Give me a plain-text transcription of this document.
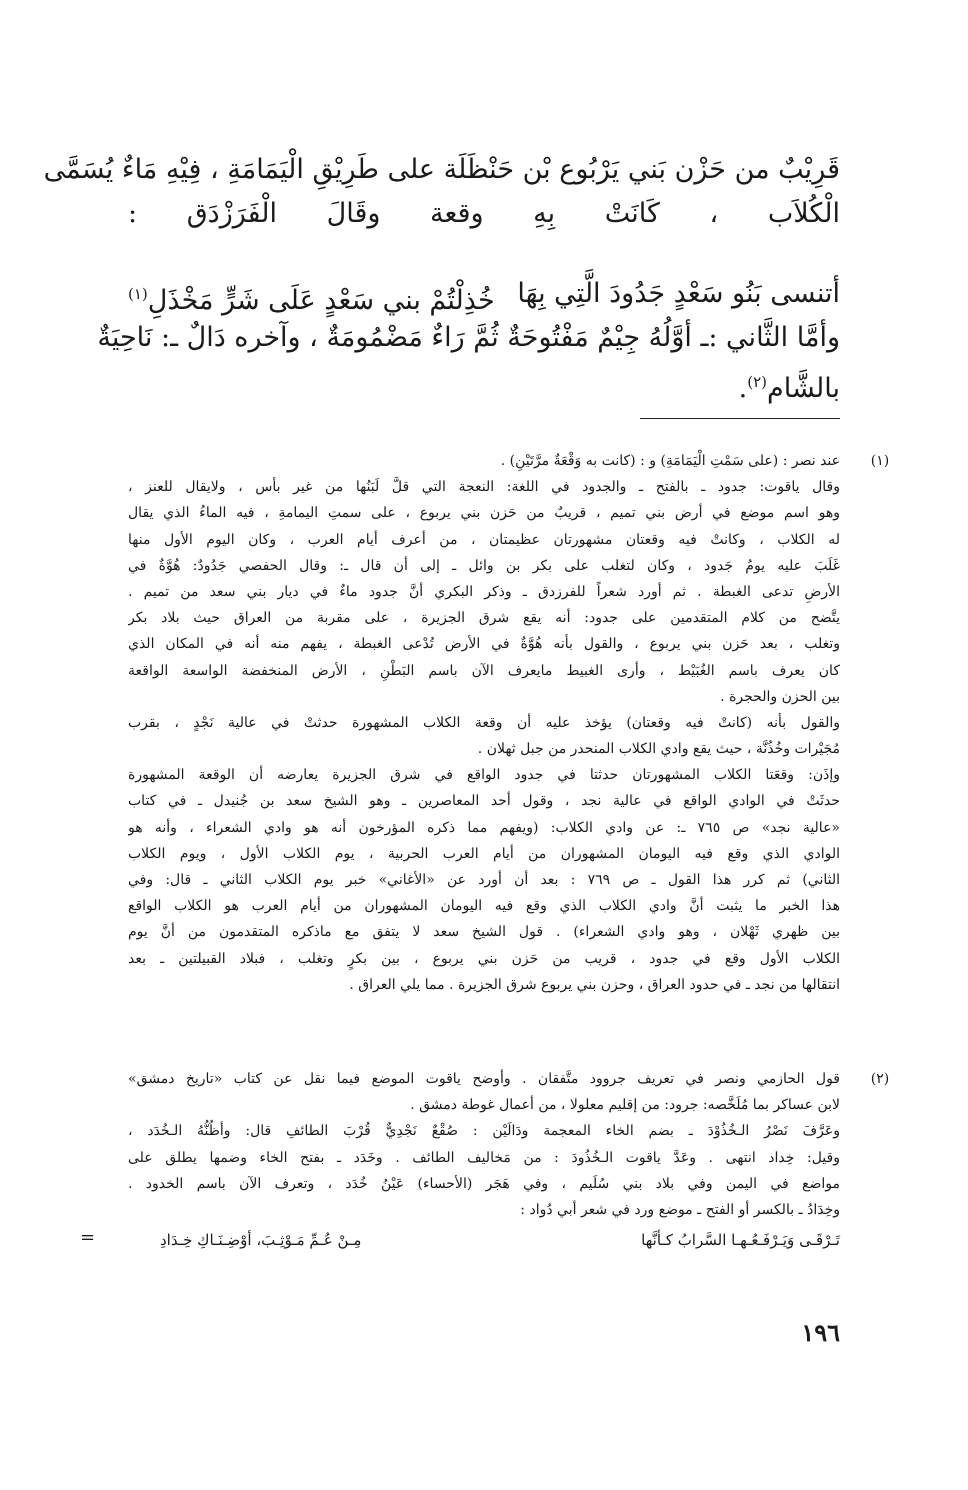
قَرِيْبٌ من حَزْن بَني يَرْبُوع بْن حَنْظَلَة على طَرِيْقِ الْيَمَامَةِ ، فِيْهِ مَاءٌ يُسَمَّى
الْكُلاَب ، كَانَتْ بِهِ وقعة وقَالَ الْفَرَزْدَق :
أتنسى بَنُو سَعْدٍ جَدُودَ الَّتِي بِهَا
خُذِلْتُمْ بني سَعْدٍ عَلَى شَرٍّ مَخْذَلِ$^{(١)}$
وأمَّا الثَّاني :ـ أوَّلُهُ جِيْمٌ مَفْتُوحَةٌ ثُمَّ رَاءٌ مَضْمُومَةٌ ، وآخره دَالٌ ـ: نَاحِيَةٌ
بالشَّام$^{(٢)}$.
(١)
عند نصر : (على سَمْتِ الْيَمَامَةِ) و : (كانت به وَقْعَةٌ مرَّتَيْنِ) .
وقال ياقوت: جدود ـ بالفتح ـ والجدود في اللغة: النعجة التي قلَّ لَبَنُها من غير بأس ، ولايقال للعنز ،
وهو اسم موضع في أرض بني تميم ، قريبٌ من حَزن بني يربوع ، على سمتِ اليمامةِ ، فيه الماءُ الذي يقال
له الكلاب ، وكانتْ فيه وقعتان مشهورتان عظيمتان ، من أعرف أيام العرب ، وكان اليوم الأول منها
غَلَبَ عليه يومُ جَدود ، وكان لتغلب على بكر بن وائل ـ إلى أن قال ـ: وقال الحفصي جَدُودٌ: هُوَّةٌ في
الأرضِ تدعى الغبطة . ثم أورد شعراً للفرزدق ـ وذكر البكري أنَّ جدود ماءٌ في ديار بني سعد من تميم .
يتَّضح من كلام المتقدمين على جدود: أنه يقع شرق الجزيرة ، على مقربة من العراق حيث بلاد بكر
وتغلب ، بعد حَزن بني يربوع ، والقول بأنه هُوَّةٌ في الأرض تُدْعى الغبطة ، يفهم منه أنه في المكان الذي
كان يعرف باسم الغُبَيْط ، وأرى الغبيط مايعرف الآن باسم البَطْنِ ، الأرض المنخفضة الواسعة الواقعة
بين الحزن والحجرة .
والقول بأنه (كانتْ فيه وقعتان) يؤخذ عليه أن وقعة الكلاب المشهورة حدثتْ في عالية نَجْدٍ ، بقرب
مُجَيْرات وخُذُنَّة ، حيث يقع وادي الكلاب المنحدر من جبل ثهلان .
وإذَن: وقعَتا الكلاب المشهورتان حدثتا في جدود الواقع في شرق الجزيرة يعارضه أن الوقعة المشهورة
حدثَتْ في الوادي الواقع في عالية نجد ، وقول أحد المعاصرين ـ وهو الشيخ سعد بن جُنيدل ـ في كتاب
«عالية نجد» ص ٧٦٥ ـ: عن وادي الكلاب: (ويفهم مما ذكره المؤرخون أنه هو وادي الشعراء ، وأنه هو
الوادي الذي وقع فيه اليومان المشهوران من أيام العرب الحربية ، يوم الكلاب الأول ، ويوم الكلاب
الثاني) ثم كرر هذا القول ـ ص ٧٦٩ : بعد أن أورد عن «الأغاني» خبر يوم الكلاب الثاني ـ قال: وفي
هذا الخبر ما يثبت أنَّ وادي الكلاب الذي وقع فيه اليومان المشهوران من أيام العرب هو الكلاب الواقع
بين ظهري ثَهْلان ، وهو وادي الشعراء) . قول الشيخ سعد لا يتفق مع ماذكره المتقدمون من أنَّ يوم
الكلاب الأول وقع في جدود ، قريب من حَزن بني يربوع ، بين بكرٍ وتغلب ، فبلاد القبيلتين ـ بعد
انتقالها من نجد ـ في حدود العراق ، وحزن بني يربوع شرق الجزيرة . مما يلي العراق .
(٢)
قول الحازمي ونصر في تعريف جروود متَّفقان . وأوضح ياقوت الموضع فيما نقل عن كتاب «تاريخ دمشق»
لابن عساكر بما مُلَخَّصه: جرود: من إقليم معلولا ، من أعمال غوطة دمشق .
وعَرَّفَ نَصْرُ الـخُذُوْدَ ـ بضم الخاء المعجمة ودَالَيْن : صُقْعٌ نَجْدِيٌّ قُرْبَ الطائفِ قال: وأظُنُّهُ الـخُدَد ،
وقيل: خِداد انتهى . وعَدَّ ياقوت الـخُذُودَ : من مَخاليف الطائف . وخَدَد ـ بفتح الخاء وضمها يطلق على
مواضع في اليمن وفي بلاد بني سُلَيم ، وفي هَجَر (الأحساء) عَيْنُ خُدَد ، وتعرف الآن باسم الخدود .
وخِدَادُ ـ بالكسر أو الفتح ـ موضع ورد في شعر أبي دُواد :
تَـرْقَـى وَيَـرْفَـعُـهـا السَّرابُ كـأنَّها
مِـنْ عُـمِّ مَـوْثِـبَ، أوْضِـنَـاكِ خِـدَادِ
=
١٩٦
